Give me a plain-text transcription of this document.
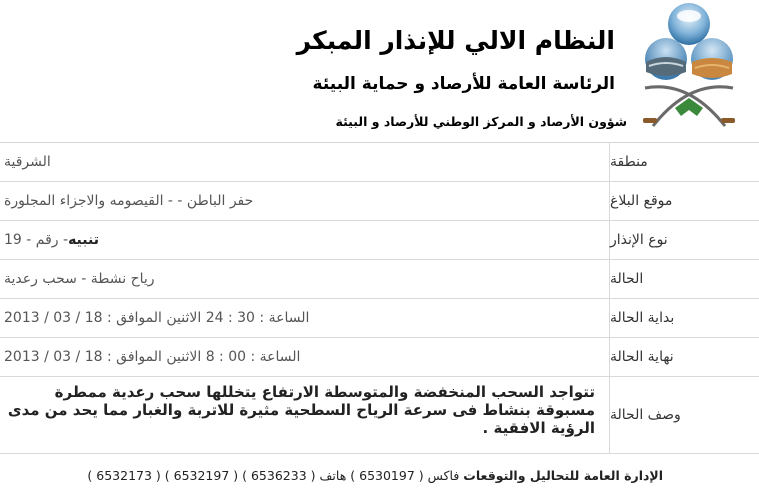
النظام الالي للإنذار المبكر
الرئاسة العامة للأرصاد و حماية البيئة
شؤون الأرصاد و المركز الوطني للأرصاد و البيئة
منطقة
الشرقية
موقع البلاغ
حفر الباطن - - القيصومه والاجزاء المجلورة
نوع الإنذار
تنبيه
- رقم - 19
الحالة
رياح نشطة - سحب رعدية
بداية الحالة
الساعة : 30 : 24 الاثنين الموافق : 18 / 03 / 2013
نهاية الحالة
الساعة : 00 : 8 الاثنين الموافق : 18 / 03 / 2013
وصف الحالة
تتواجد السحب المنخفضة والمتوسطة الارتفاع يتخللها سحب رعدية ممطرة مسبوقة بنشاط فى سرعة الرياح السطحية مثيرة للاتربة والغبار مما يحد من مدى الرؤية الافقية .
الإدارة العامة للتحاليل والتوقعات فاكس ( 6530197 ) هاتف ( 6536233 ) ( 6532197 ) ( 6532173 )
